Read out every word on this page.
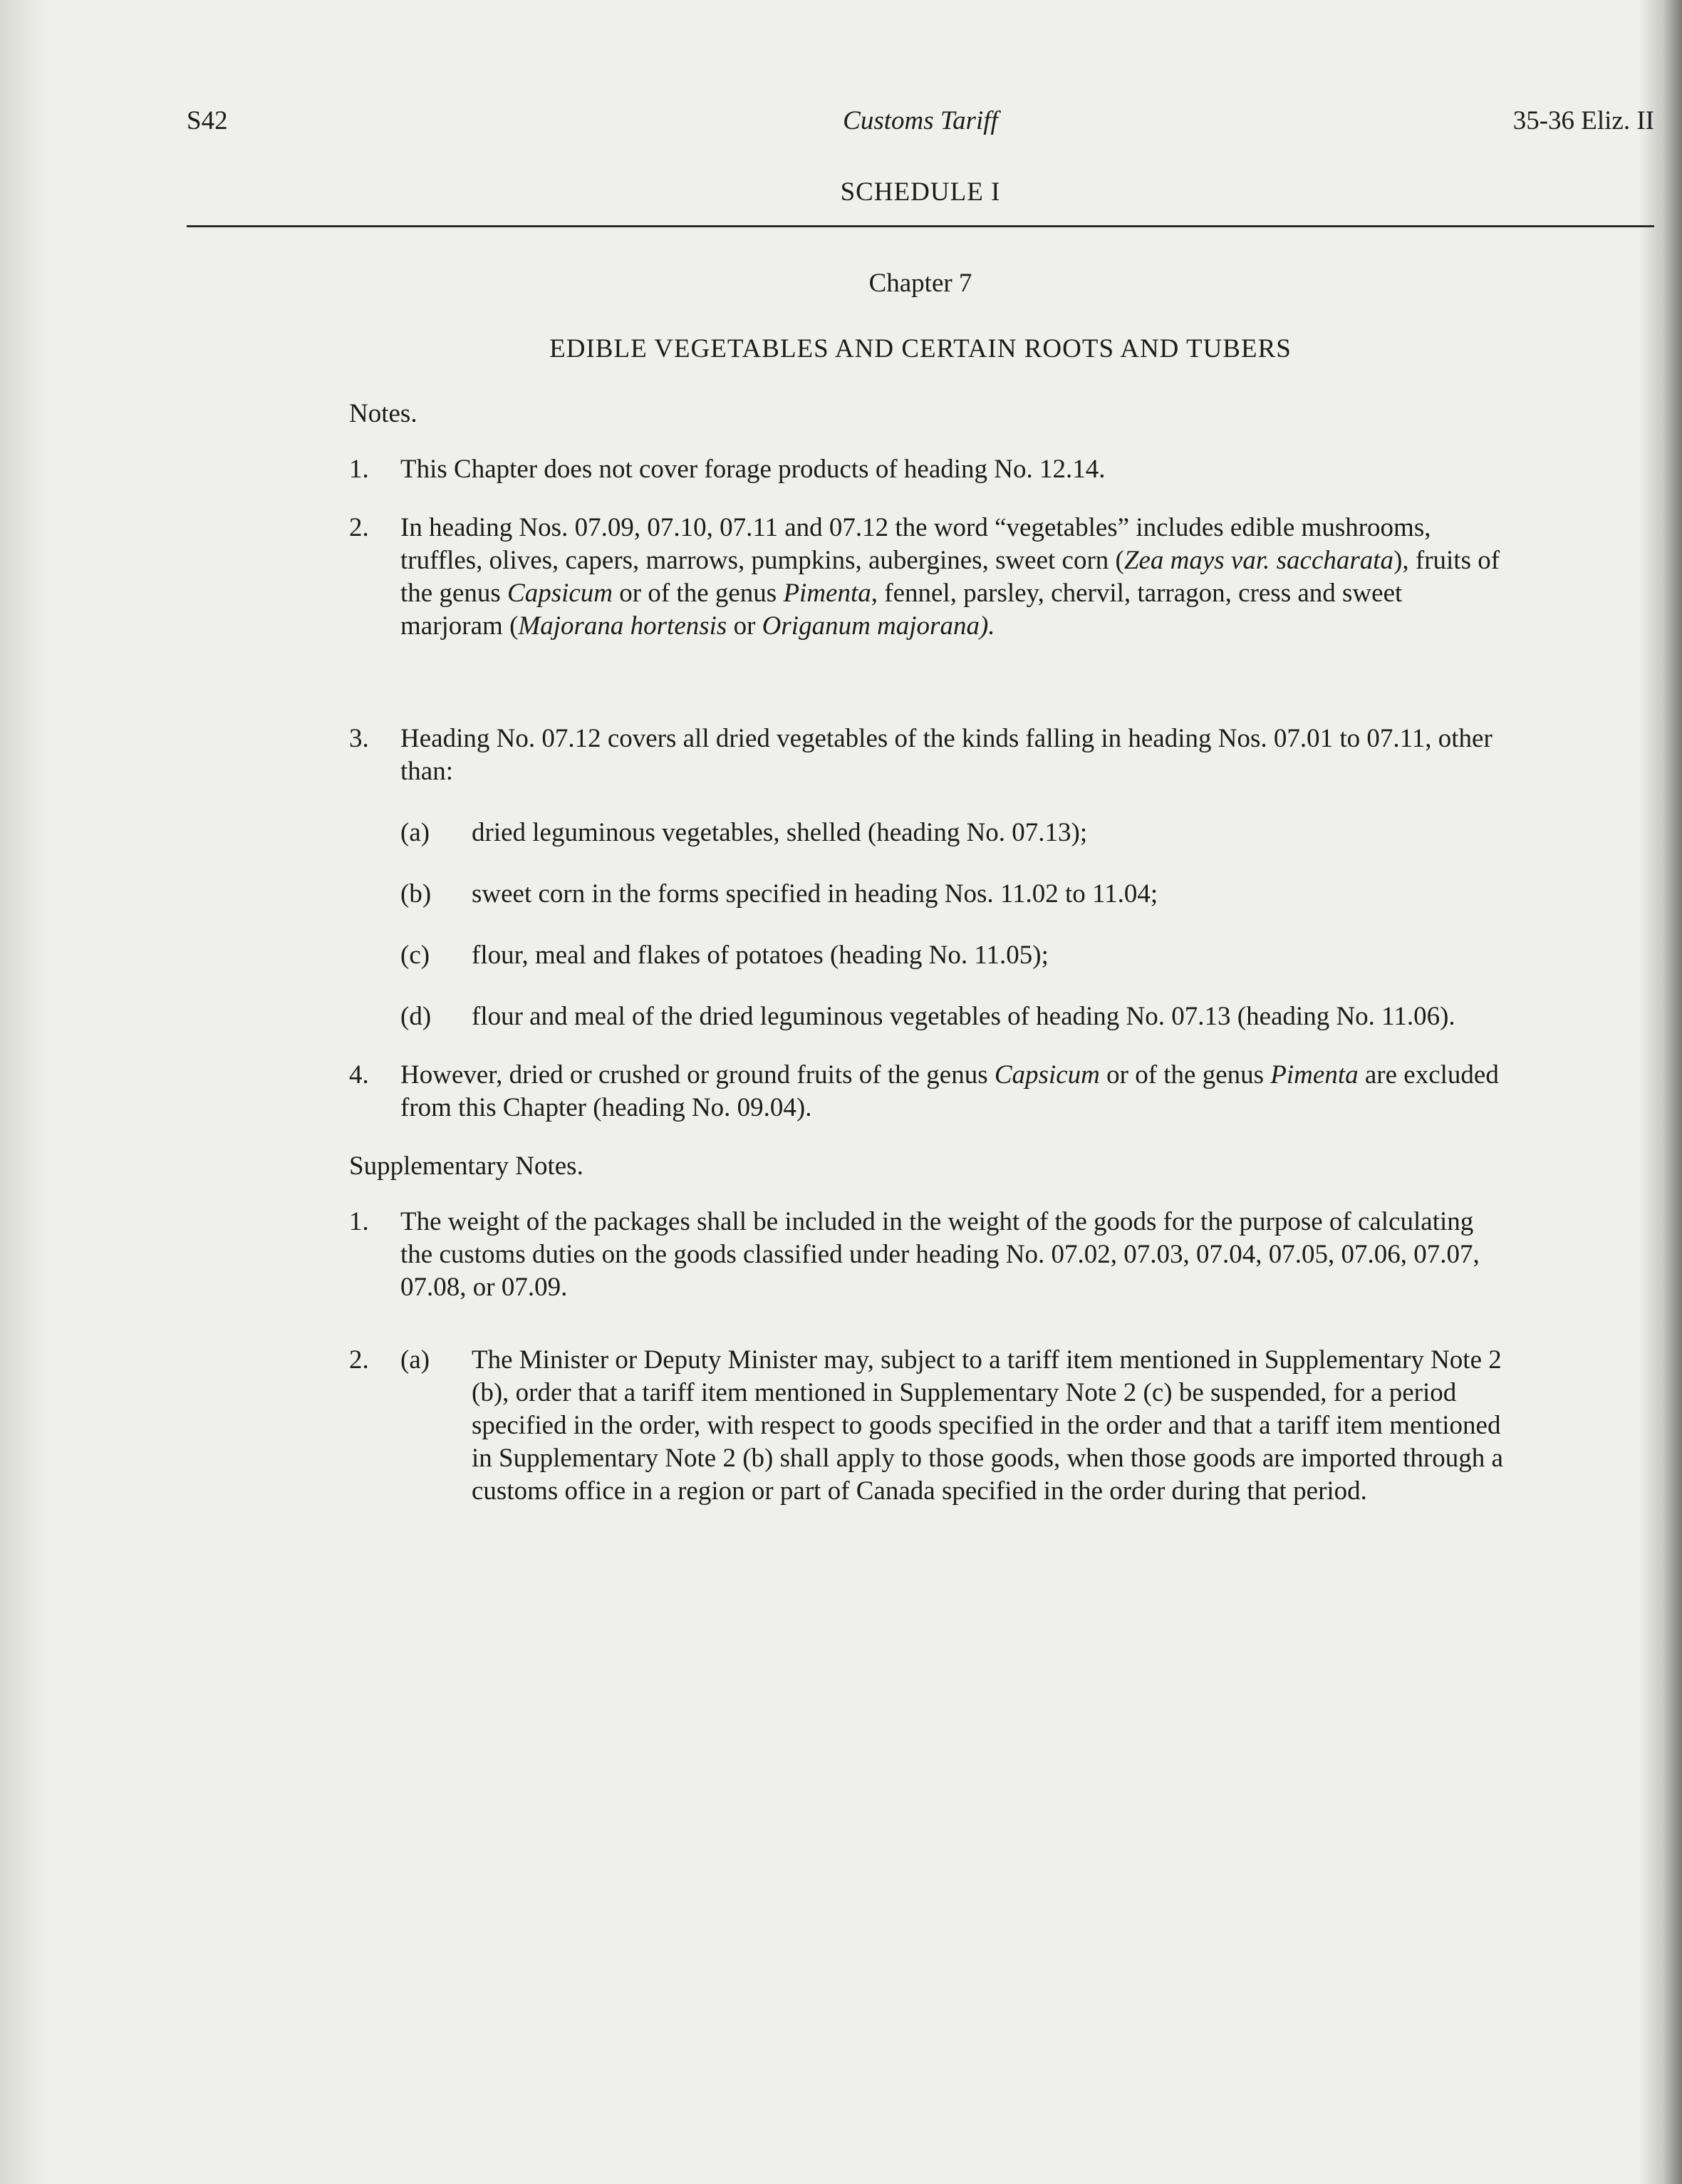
S42	Customs Tariff	35-36 Eliz. II
SCHEDULE I
Chapter 7
EDIBLE VEGETABLES AND CERTAIN ROOTS AND TUBERS
Notes.
1.	This Chapter does not cover forage products of heading No. 12.14.
2.	In heading Nos. 07.09, 07.10, 07.11 and 07.12 the word “vegetables” includes edible mushrooms, truffles, olives, capers, marrows, pumpkins, aubergines, sweet corn (Zea mays var. saccharata), fruits of the genus Capsicum or of the genus Pimenta, fennel, parsley, chervil, tarragon, cress and sweet marjoram (Majorana hortensis or Origanum majorana).
3.	Heading No. 07.12 covers all dried vegetables of the kinds falling in heading Nos. 07.01 to 07.11, other than:
(a)	dried leguminous vegetables, shelled (heading No. 07.13);
(b)	sweet corn in the forms specified in heading Nos. 11.02 to 11.04;
(c)	flour, meal and flakes of potatoes (heading No. 11.05);
(d)	flour and meal of the dried leguminous vegetables of heading No. 07.13 (heading No. 11.06).
4.	However, dried or crushed or ground fruits of the genus Capsicum or of the genus Pimenta are excluded from this Chapter (heading No. 09.04).
Supplementary Notes.
1.	The weight of the packages shall be included in the weight of the goods for the purpose of calculating the customs duties on the goods classified under heading No. 07.02, 07.03, 07.04, 07.05, 07.06, 07.07, 07.08, or 07.09.
2.	(a)	The Minister or Deputy Minister may, subject to a tariff item mentioned in Supplementary Note 2 (b), order that a tariff item mentioned in Supplementary Note 2 (c) be suspended, for a period specified in the order, with respect to goods specified in the order and that a tariff item mentioned in Supplementary Note 2 (b) shall apply to those goods, when those goods are imported through a customs office in a region or part of Canada specified in the order during that period.
